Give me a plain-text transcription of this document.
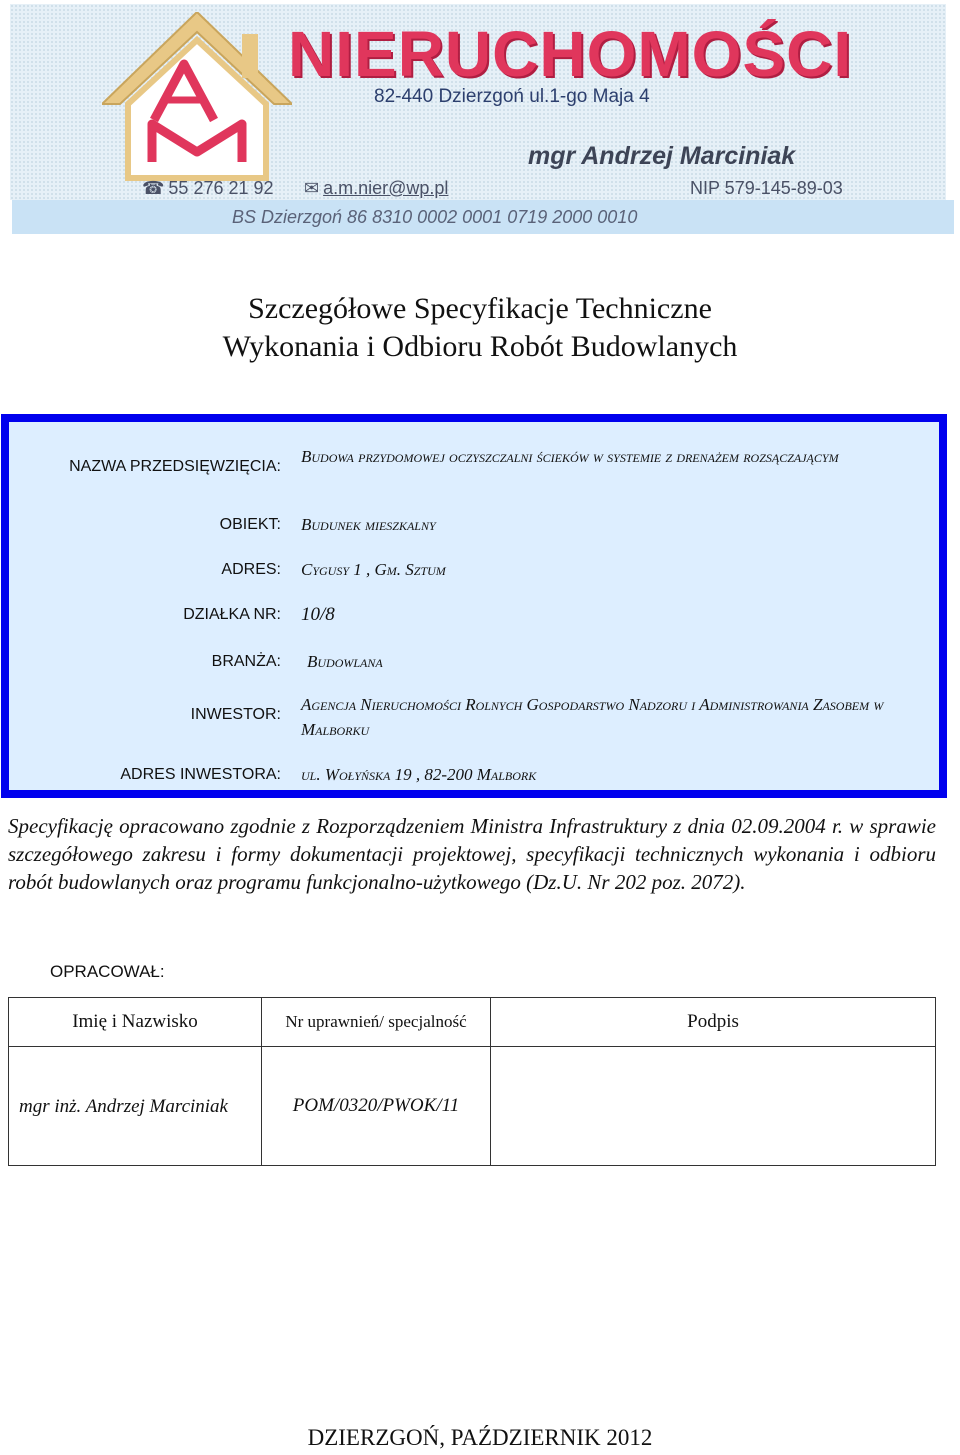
NIERUCHOMOŚCI
82-440 Dzierzgoń ul.1-go Maja 4
mgr Andrzej Marciniak
☎ 55 276 21 92 ✉ a.m.nier@wp.pl	NIP 579-145-89-03
BS Dzierzgoń 86 8310 0002 0001 0719 2000 0010
Szczegółowe Specyfikacje Techniczne
Wykonania i Odbioru Robót Budowlanych
NAZWA PRZEDSIĘWZIĘCIA:
Budowa przydomowej oczyszczalni ścieków w systemie z drenażem rozsączającym
OBIEKT: Budunek mieszkalny
ADRES: Cygusy 1 , Gm. Sztum
DZIAŁKA NR: 10/8
BRANŻA: Budowlana
INWESTOR:
Agencja Nieruchomości Rolnych Gospodarstwo Nadzoru i Administrowania Zasobem w Malborku
ADRES INWESTORA: ul. Wołyńska 19 , 82-200 Malbork
Specyfikację opracowano zgodnie z Rozporządzeniem Ministra Infrastruktury z dnia 02.09.2004 r. w sprawie szczegółowego zakresu i formy dokumentacji projektowej, specyfikacji technicznych wykonania i odbioru robót budowlanych oraz programu funkcjonalno-użytkowego (Dz.U. Nr 202 poz. 2072).
OPRACOWAŁ:
Imię i Nazwisko	Nr uprawnień/ specjalność	Podpis
mgr inż. Andrzej Marciniak	POM/0320/PWOK/11	
DZIERZGOŃ, PAŹDZIERNIK 2012
